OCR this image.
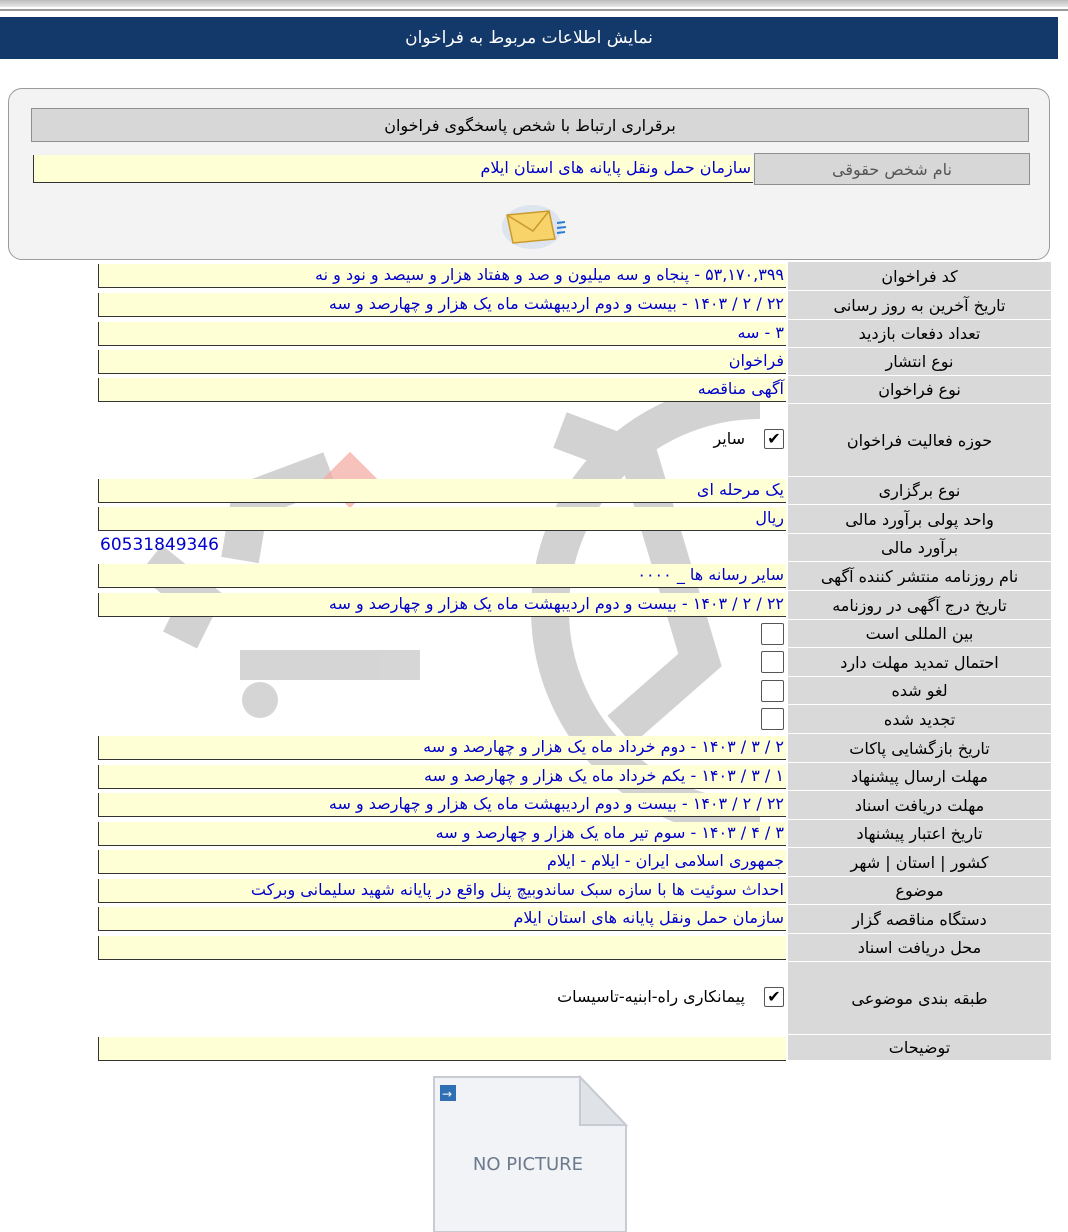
نمایش اطلاعات مربوط به فراخوان
برقراری ارتباط با شخص پاسخگوی فراخوان
نام شخص حقوقی
سازمان حمل ونقل پایانه های استان ایلام
کد فراخوان
۵۳,۱۷۰,۳۹۹ - پنجاه و سه میلیون و صد و هفتاد هزار و سیصد و نود و نه
تاریخ آخرین به روز رسانی
۲۲ / ۲ / ۱۴۰۳ - بیست و دوم اردیبهشت ماه یک هزار و چهارصد و سه
تعداد دفعات بازدید
۳ - سه
نوع انتشار
فراخوان
نوع فراخوان
آگهی مناقصه
حوزه فعالیت فراخوان
✔
سایر
نوع برگزاری
یک مرحله ای
واحد پولی برآورد مالی
ریال
برآورد مالی
60531849346
نام روزنامه منتشر کننده آگهی
سایر رسانه ها _ ۰۰۰۰
تاریخ درج آگهی در روزنامه
۲۲ / ۲ / ۱۴۰۳ - بیست و دوم اردیبهشت ماه یک هزار و چهارصد و سه
بین المللی است
احتمال تمدید مهلت دارد
لغو شده
تجدید شده
تاریخ بازگشایی پاکات
۲ / ۳ / ۱۴۰۳ - دوم خرداد ماه یک هزار و چهارصد و سه
مهلت ارسال پیشنهاد
۱ / ۳ / ۱۴۰۳ - یکم خرداد ماه یک هزار و چهارصد و سه
مهلت دریافت اسناد
۲۲ / ۲ / ۱۴۰۳ - بیست و دوم اردیبهشت ماه یک هزار و چهارصد و سه
تاریخ اعتبار پیشنهاد
۳ / ۴ / ۱۴۰۳ - سوم تیر ماه یک هزار و چهارصد و سه
کشور | استان | شهر
جمهوری اسلامی ایران - ایلام - ایلام
موضوع
احداث سوئیت ها با سازه سبک ساندوبیچ پنل واقع در پایانه شهید سلیمانی وبرکت
دستگاه مناقصه گزار
سازمان حمل ونقل پایانه های استان ایلام
محل دریافت اسناد
طبقه بندی موضوعی
✔
پیمانکاری راه-ابنیه-تاسیسات
توضیحات
→
NO PICTURE
